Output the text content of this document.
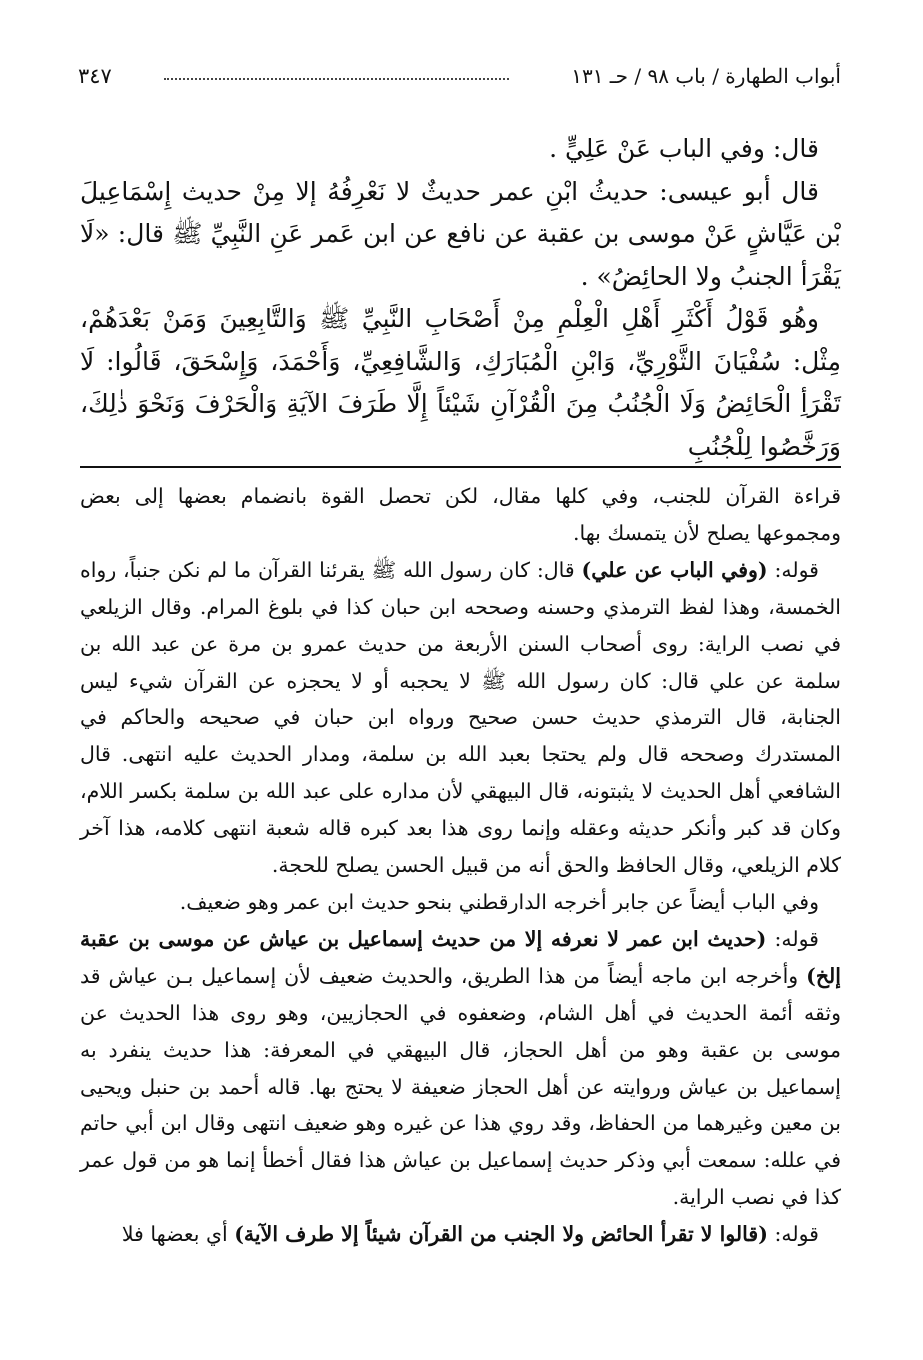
أبواب الطهارة / باب ٩٨ / حـ ١٣١
٣٤٧

قال: وفي الباب عَنْ عَلِيٍّ .

قال أبو عيسى: حديثُ ابْنِ عمر حديثٌ لا نَعْرِفُهُ إلا مِنْ حديث إِسْمَاعِيلَ بْن عَيَّاشٍ عَنْ موسى بن عقبة عن نافع عن ابن عَمر عَنِ النَّبِيِّ ﷺ قال: «لَا يَقْرَأ الجنبُ ولا الحائِضُ» .

وهُو قَوْلُ أَكْثَرِ أَهْلِ الْعِلْمِ مِنْ أَصْحَابِ النَّبِيِّ ﷺ وَالتَّابِعِينَ وَمَنْ بَعْدَهُمْ، مِثْل: سُفْيَانَ الثَّوْرِيِّ، وَابْنِ الْمُبَارَكِ، وَالشَّافِعِيِّ، وَأَحْمَدَ، وَإِسْحَقَ، قَالُوا: لَا تَقْرَأِ الْحَائِضُ وَلَا الْجُنُبُ مِنَ الْقُرْآنِ شَيْئاً إِلَّا طَرَفَ الآيَةِ وَالْحَرْفَ وَنَحْوَ ذٰلِكَ، وَرَخَّصُوا لِلْجُنُبِ

قراءة القرآن للجنب، وفي كلها مقال، لكن تحصل القوة بانضمام بعضها إلى بعض ومجموعها يصلح لأن يتمسك بها.

قوله: (وفي الباب عن علي) قال: كان رسول الله ﷺ يقرئنا القرآن ما لم نكن جنباً، رواه الخمسة، وهذا لفظ الترمذي وحسنه وصححه ابن حبان كذا في بلوغ المرام. وقال الزيلعي في نصب الراية: روى أصحاب السنن الأربعة من حديث عمرو بن مرة عن عبد الله بن سلمة عن علي قال: كان رسول الله ﷺ لا يحجبه أو لا يحجزه عن القرآن شيء ليس الجنابة، قال الترمذي حديث حسن صحيح ورواه ابن حبان في صحيحه والحاكم في المستدرك وصححه قال ولم يحتجا بعبد الله بن سلمة، ومدار الحديث عليه انتهى. قال الشافعي أهل الحديث لا يثبتونه، قال البيهقي لأن مداره على عبد الله بن سلمة بكسر اللام، وكان قد كبر وأنكر حديثه وعقله وإنما روى هذا بعد كبره قاله شعبة انتهى كلامه، هذا آخر كلام الزيلعي، وقال الحافظ والحق أنه من قبيل الحسن يصلح للحجة.

وفي الباب أيضاً عن جابر أخرجه الدارقطني بنحو حديث ابن عمر وهو ضعيف.

قوله: (حديث ابن عمر لا نعرفه إلا من حديث إسماعيل بن عياش عن موسى بن عقبة إلخ) وأخرجه ابن ماجه أيضاً من هذا الطريق، والحديث ضعيف لأن إسماعيل بـن عياش قد وثقه أئمة الحديث في أهل الشام، وضعفوه في الحجازيين، وهو روى هذا الحديث عن موسى بن عقبة وهو من أهل الحجاز، قال البيهقي في المعرفة: هذا حديث ينفرد به إسماعيل بن عياش وروايته عن أهل الحجاز ضعيفة لا يحتج بها. قاله أحمد بن حنبل ويحيى بن معين وغيرهما من الحفاظ، وقد روي هذا عن غيره وهو ضعيف انتهى وقال ابن أبي حاتم في علله: سمعت أبي وذكر حديث إسماعيل بن عياش هذا فقال أخطأ إنما هو من قول عمر كذا في نصب الراية.

قوله: (قالوا لا تقرأ الحائض ولا الجنب من القرآن شيئاً إلا طرف الآية) أي بعضها فلا
